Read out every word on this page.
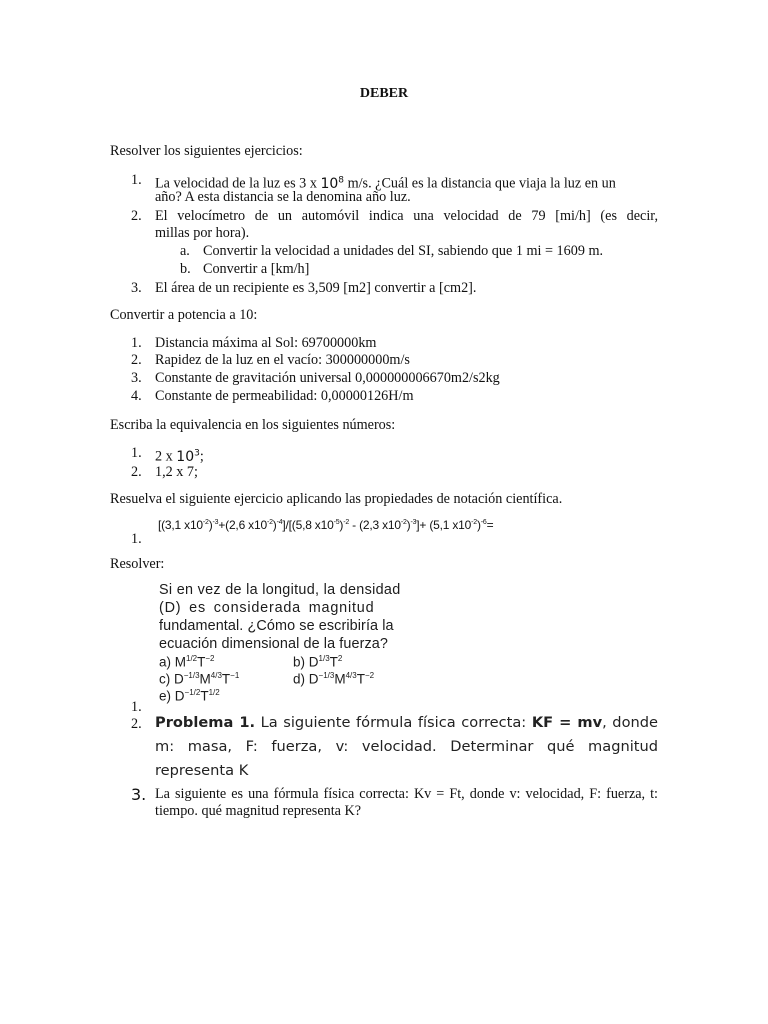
DEBER
Resolver los siguientes ejercicios:
1. La velocidad de la luz es 3 x $10^8$ m/s. ¿Cuál es la distancia que viaja la luz en un
año? A esta distancia se la denomina año luz.
2. El velocímetro de un automóvil indica una velocidad de 79 [mi/h] (es decir,
millas por hora).
a. Convertir la velocidad a unidades del SI, sabiendo que 1 mi = 1609 m.
b. Convertir a [km/h]
3. El área de un recipiente es 3,509 [m2] convertir a [cm2].
Convertir a potencia a 10:
1. Distancia máxima al Sol: 69700000km
2. Rapidez de la luz en el vacío: 300000000m/s
3. Constante de gravitación universal 0,000000006670m2/s2kg
4. Constante de permeabilidad: 0,00000126H/m
Escriba la equivalencia en los siguientes números:
1. 2 x $10^3$;
2. 1,2 x 7;
Resuelva el siguiente ejercicio aplicando las propiedades de notación científica.
1.
[(3,1 $x10^{-2})^{-3}+(2,6$ $x10^{-2})^{-4}]/[(5,8$ $x10^{-5})^{-2} - (2,3$ $x10^{-2})^{-3}]+ (5,1$ $x10^{-2})^{-6}=$
Resolver:
Si en vez de la longitud, la densidad
(D) es considerada magnitud
fundamental. ¿Cómo se escribiría la
ecuación dimensional de la fuerza?
a) $M^{1/2}T^{-2}$	b) $D^{1/3}T^2$
c) $D^{-1/3}M^{4/3}T^{-1}$	d) $D^{-1/3}M^{4/3}T^{-2}$
e) $D^{-1/2}T^{1/2}$
1.
2. Problema 1. La siguiente fórmula física correcta: KF = mv, donde m: masa, F: fuerza, v: velocidad. Determinar qué magnitud representa K
3. La siguiente es una fórmula física correcta: Kv = Ft, donde v: velocidad, F: fuerza, t: tiempo. qué magnitud representa K?
